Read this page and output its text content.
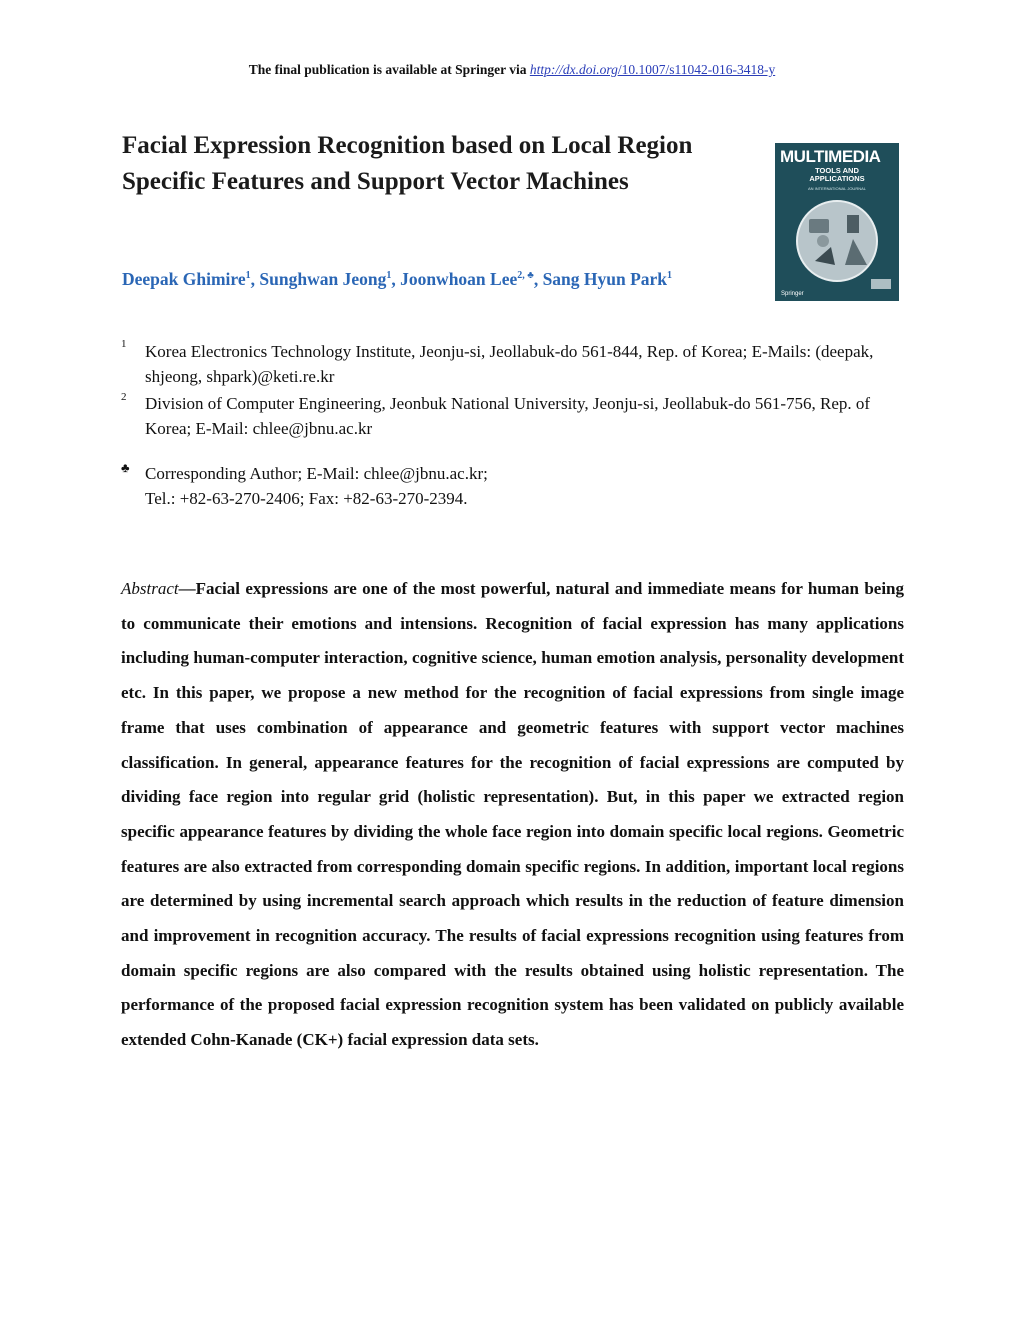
The final publication is available at Springer via http://dx.doi.org/10.1007/s11042-016-3418-y
Facial Expression Recognition based on Local Region
Specific Features and Support Vector Machines
MULTIMEDIA
TOOLS AND
APPLICATIONS
AN INTERNATIONAL JOURNAL
Springer
Deepak Ghimire$^1$, Sunghwan Jeong$^1$, Joonwhoan Lee$^{2, ♣}$, Sang Hyun Park$^1$
1 Korea Electronics Technology Institute, Jeonju-si, Jeollabuk-do 561-844, Rep. of Korea; E-Mails: (deepak, shjeong, shpark)@keti.re.kr
2 Division of Computer Engineering, Jeonbuk National University, Jeonju-si, Jeollabuk-do 561-756, Rep. of Korea; E-Mail: chlee@jbnu.ac.kr
♣ Corresponding Author; E-Mail: chlee@jbnu.ac.kr;
Tel.: +82-63-270-2406; Fax: +82-63-270-2394.
Abstract—Facial expressions are one of the most powerful, natural and immediate means for human being to communicate their emotions and intensions. Recognition of facial expression has many applications including human-computer interaction, cognitive science, human emotion analysis, personality development etc. In this paper, we propose a new method for the recognition of facial expressions from single image frame that uses combination of appearance and geometric features with support vector machines classification. In general, appearance features for the recognition of facial expressions are computed by dividing face region into regular grid (holistic representation). But, in this paper we extracted region specific appearance features by dividing the whole face region into domain specific local regions. Geometric features are also extracted from corresponding domain specific regions. In addition, important local regions are determined by using incremental search approach which results in the reduction of feature dimension and improvement in recognition accuracy. The results of facial expressions recognition using features from domain specific regions are also compared with the results obtained using holistic representation. The performance of the proposed facial expression recognition system has been validated on publicly available extended Cohn-Kanade (CK+) facial expression data sets.
